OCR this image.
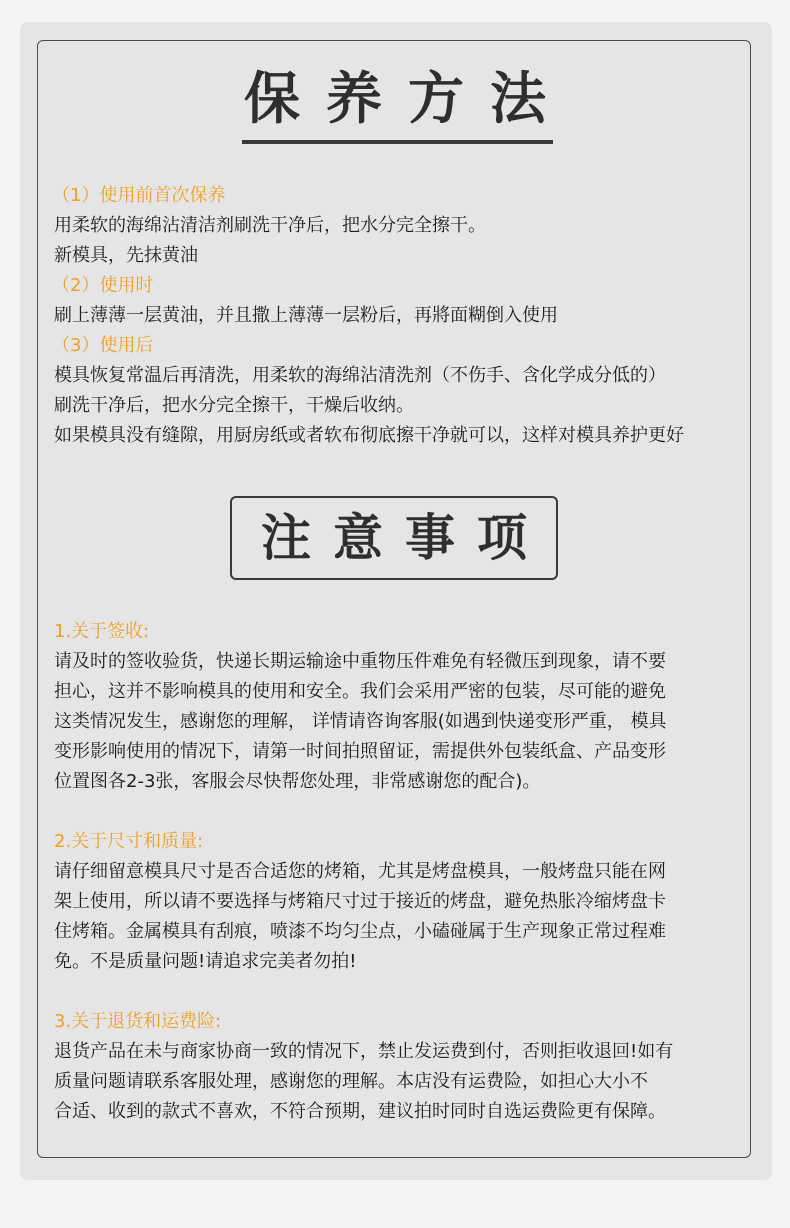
保养方法
（1）使用前首次保养
用柔软的海绵沾清洁剂刷洗干净后，把水分完全擦干。
新模具，先抹黄油
（2）使用时
刷上薄薄一层黄油，并且撒上薄薄一层粉后，再將面糊倒入使用
（3）使用后
模具恢复常温后再清洗，用柔软的海绵沾清洗剂（不伤手、含化学成分低的）
刷洗干净后，把水分完全擦干，干燥后收纳。
如果模具没有缝隙，用厨房纸或者软布彻底擦干净就可以，这样对模具养护更好
注意事项
1.关于签收:
请及时的签收验货，快递长期运输途中重物压件难免有轻微压到现象，请不要
担心，这并不影响模具的使用和安全。我们会采用严密的包装，尽可能的避免
这类情况发生，感谢您的理解， 详情请咨询客服(如遇到快递变形严重， 模具
变形影响使用的情况下，请第一时间拍照留证，需提供外包装纸盒、产品变形
位置图各2-3张，客服会尽快帮您处理，非常感谢您的配合)。
2.关于尺寸和质量:
请仔细留意模具尺寸是否合适您的烤箱，尤其是烤盘模具，一般烤盘只能在网
架上使用，所以请不要选择与烤箱尺寸过于接近的烤盘，避免热胀冷缩烤盘卡
住烤箱。金属模具有刮痕，喷漆不均匀尘点，小磕碰属于生产现象正常过程难
免。不是质量问题!请追求完美者勿拍!
3.关于退货和运费险:
退货产品在未与商家协商一致的情况下，禁止发运费到付，否则拒收退回!如有
质量问题请联系客服处理，感谢您的理解。本店没有运费险，如担心大小不
合适、收到的款式不喜欢，不符合预期，建议拍时同时自选运费险更有保障。
